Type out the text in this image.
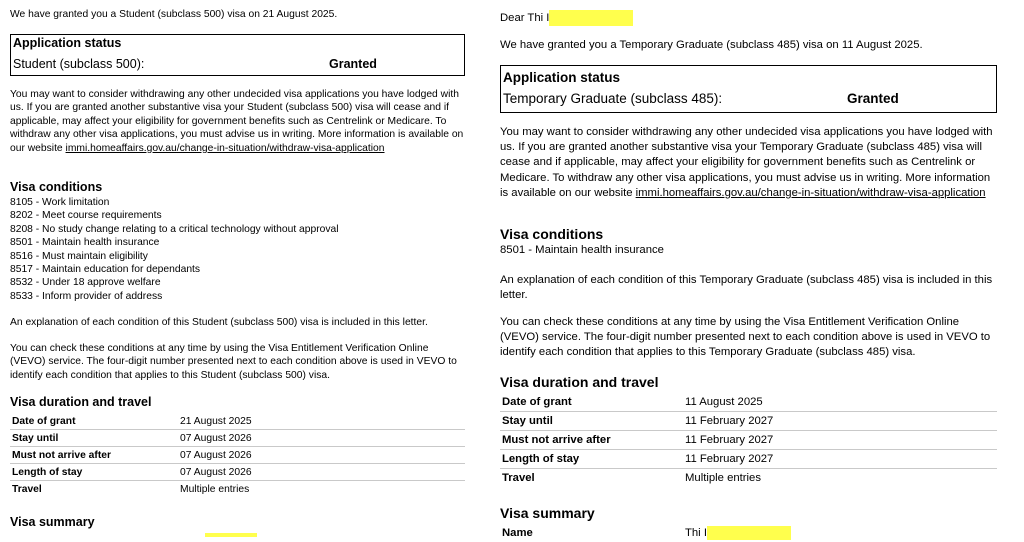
We have granted you a Student (subclass 500) visa on 21 August 2025.
Application status
Student (subclass 500):	Granted
You may want to consider withdrawing any other undecided visa applications you have lodged with us. If you are granted another substantive visa your Student (subclass 500) visa will cease and if applicable, may affect your eligibility for government benefits such as Centrelink or Medicare. To withdraw any other visa applications, you must advise us in writing. More information is available on our website immi.homeaffairs.gov.au/change-in-situation/withdraw-visa-application
Visa conditions
8105 - Work limitation
8202 - Meet course requirements
8208 - No study change relating to a critical technology without approval
8501 - Maintain health insurance
8516 - Must maintain eligibility
8517 - Maintain education for dependants
8532 - Under 18 approve welfare
8533 - Inform provider of address
An explanation of each condition of this Student (subclass 500) visa is included in this letter.
You can check these conditions at any time by using the Visa Entitlement Verification Online (VEVO) service. The four-digit number presented next to each condition above is used in VEVO to identify each condition that applies to this Student (subclass 500) visa.
Visa duration and travel
Date of grant	21 August 2025
Stay until	07 August 2026
Must not arrive after	07 August 2026
Length of stay	07 August 2026
Travel	Multiple entries
Visa summary
Dear Thi I
We have granted you a Temporary Graduate (subclass 485) visa on 11 August 2025.
Application status
Temporary Graduate (subclass 485):	Granted
You may want to consider withdrawing any other undecided visa applications you have lodged with us. If you are granted another substantive visa your Temporary Graduate (subclass 485) visa will cease and if applicable, may affect your eligibility for government benefits such as Centrelink or Medicare. To withdraw any other visa applications, you must advise us in writing. More information is available on our website immi.homeaffairs.gov.au/change-in-situation/withdraw-visa-application
Visa conditions
8501 - Maintain health insurance
An explanation of each condition of this Temporary Graduate (subclass 485) visa is included in this letter.
You can check these conditions at any time by using the Visa Entitlement Verification Online (VEVO) service. The four-digit number presented next to each condition above is used in VEVO to identify each condition that applies to this Temporary Graduate (subclass 485) visa.
Visa duration and travel
Date of grant	11 August 2025
Stay until	11 February 2027
Must not arrive after	11 February 2027
Length of stay	11 February 2027
Travel	Multiple entries
Visa summary
Name	Thi I
